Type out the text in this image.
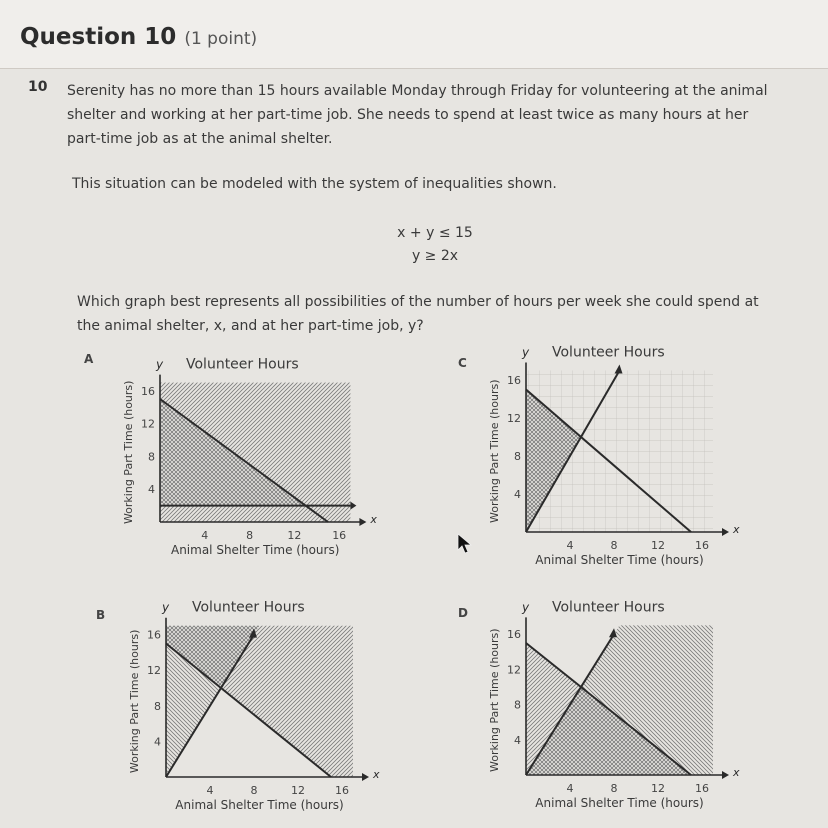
Question 10 (1 point)
10 Serenity has no more than 15 hours available Monday through Friday for volunteering at the animal shelter and working at her part-time job. She needs to spend at least twice as many hours at her part-time job as at the animal shelter.
This situation can be modeled with the system of inequalities shown.
x + y ≤ 15
y ≥ 2x
Which graph best represents all possibilities of the number of hours per week she could spend at the animal shelter, x, and at her part-time job, y?
A	C
B	D
x
y Volunteer Hours
4	8	12	16
4
8
12
16
Animal Shelter Time (hours)
Working Part Time (hours)
x
y Volunteer Hours
4	8	12	16
4
8
12
16
Animal Shelter Time (hours)
Working Part Time (hours)
x
y Volunteer Hours
4	8	12	16
4
8
12
16
Animal Shelter Time (hours)
Working Part Time (hours)
x
y Volunteer Hours
4	8	12	16
4
8
12
16
Animal Shelter Time (hours)
Working Part Time (hours)
